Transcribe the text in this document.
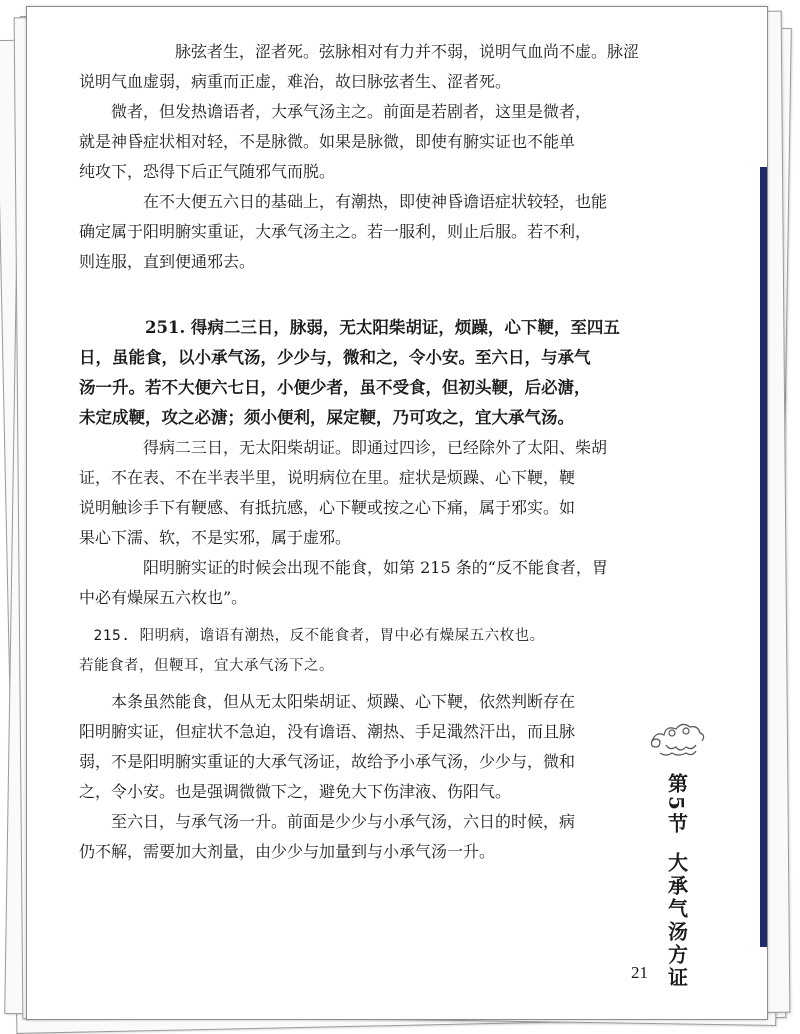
脉弦者生，涩者死。弦脉相对有力并不弱，说明气血尚不虚。脉涩

说明气血虚弱，病重而正虚，难治，故曰脉弦者生、涩者死。

微者，但发热谵语者，大承气汤主之。前面是若剧者，这里是微者，

就是神昏症状相对轻，不是脉微。如果是脉微，即使有腑实证也不能单

纯攻下，恐得下后正气随邪气而脱。

在不大便五六日的基础上，有潮热，即使神昏谵语症状较轻，也能

确定属于阳明腑实重证，大承气汤主之。若一服利，则止后服。若不利，

则连服，直到便通邪去。

251. 得病二三日，脉弱，无太阳柴胡证，烦躁，心下鞕，至四五

日，虽能食，以小承气汤，少少与，微和之，令小安。至六日，与承气

汤一升。若不大便六七日，小便少者，虽不受食，但初头鞕，后必溏，

未定成鞕，攻之必溏；须小便利，屎定鞕，乃可攻之，宜大承气汤。

得病二三日，无太阳柴胡证。即通过四诊，已经除外了太阳、柴胡

证，不在表、不在半表半里，说明病位在里。症状是烦躁、心下鞕，鞕

说明触诊手下有鞕感、有抵抗感，心下鞕或按之心下痛，属于邪实。如

果心下濡、软，不是实邪，属于虚邪。

阳明腑实证的时候会出现不能食，如第 215 条的“反不能食者，胃

中必有燥屎五六枚也”。

215. 阳明病，谵语有潮热，反不能食者，胃中必有燥屎五六枚也。

若能食者，但鞕耳，宜大承气汤下之。

本条虽然能食，但从无太阳柴胡证、烦躁、心下鞕，依然判断存在

阳明腑实证，但症状不急迫，没有谵语、潮热、手足濈然汗出，而且脉

弱，不是阳明腑实重证的大承气汤证，故给予小承气汤，少少与，微和

之，令小安。也是强调微微下之，避免大下伤津液、伤阳气。

至六日，与承气汤一升。前面是少少与小承气汤，六日的时候，病

仍不解，需要加大剂量，由少少与加量到与小承气汤一升。

第5节
大承气汤方证
21
